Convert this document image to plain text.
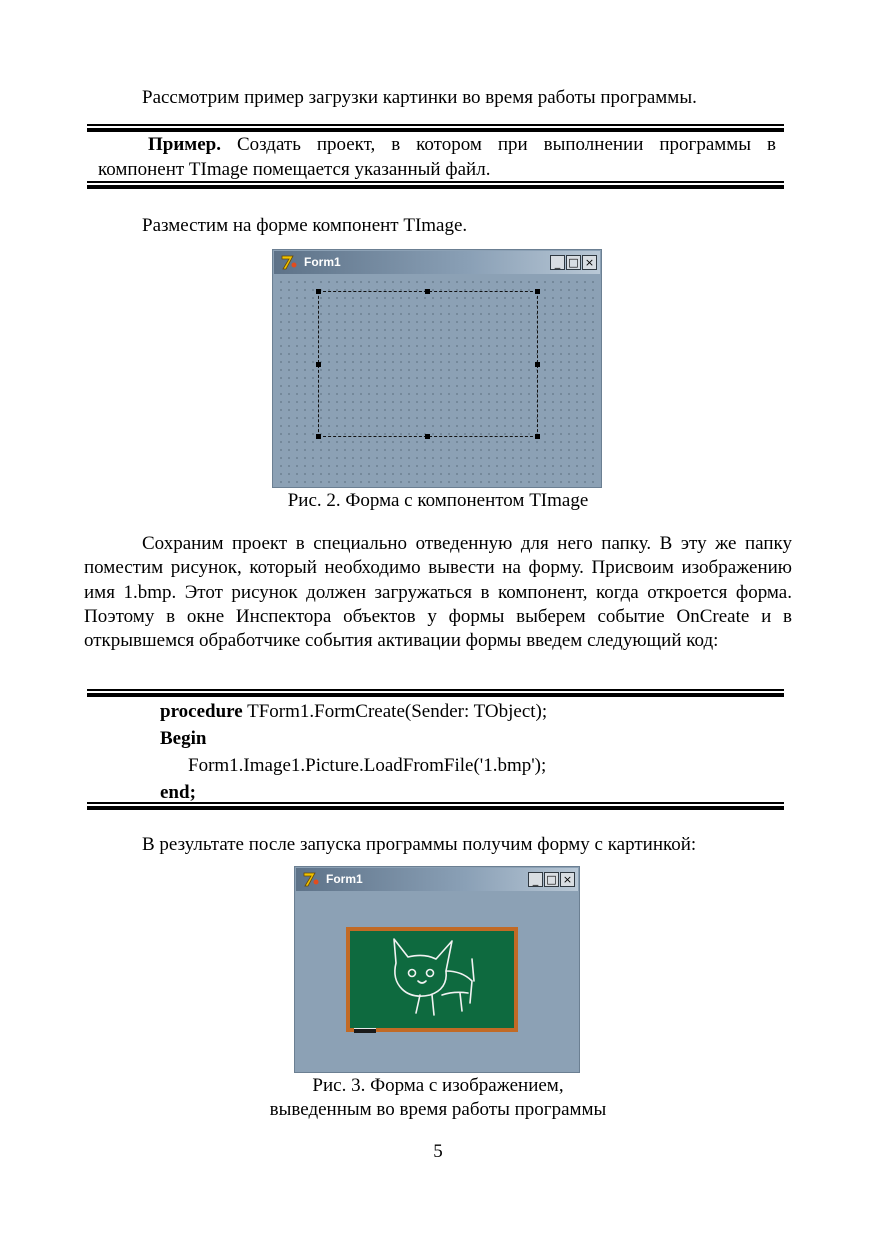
Рассмотрим пример загрузки картинки во время работы программы.

Пример. Создать проект, в котором при выполнении программы в компонент TImage помещается указанный файл.

Разместим на форме компонент TImage.

Form1	_ □ ×

Рис. 2. Форма с компонентом TImage

Сохраним проект в специально отведенную для него папку. В эту же папку поместим рисунок, который необходимо вывести на форму. Присвоим изображению имя 1.bmp. Этот рисунок должен загружаться в компонент, когда откроется форма. Поэтому в окне Инспектора объектов у формы выберем событие OnCreate и в открывшемся обработчике события активации формы введем следующий код:

procedure TForm1.FormCreate(Sender: TObject);
Begin
Form1.Image1.Picture.LoadFromFile('1.bmp');
end;

В результате после запуска программы получим форму с картинкой:

Form1	_ □ ×

Рис. 3. Форма с изображением,

выведенным во время работы программы

5
